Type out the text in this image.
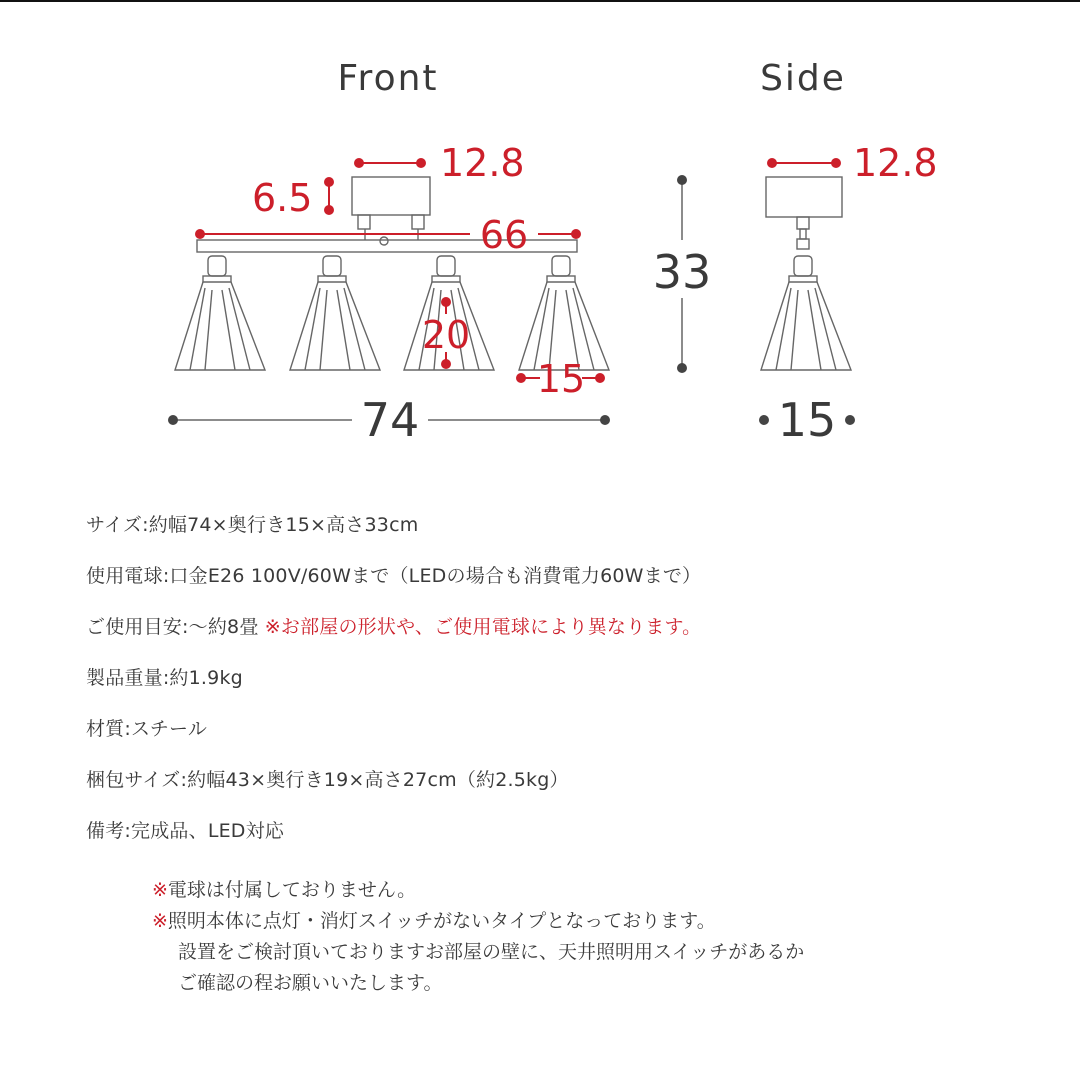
Front	Side
12.8
6.5
66
20
15
74
33
12.8
15
サイズ:約幅74×奥行き15×高さ33cm
使用電球:口金E26 100V/60Wまで（LEDの場合も消費電力60Wまで）
ご使用目安:〜約8畳 ※お部屋の形状や、ご使用電球により異なります。
製品重量:約1.9kg
材質:スチール
梱包サイズ:約幅43×奥行き19×高さ27cm（約2.5kg）
備考:完成品、LED対応
※電球は付属しておりません。
※照明本体に点灯・消灯スイッチがないタイプとなっております。
設置をご検討頂いておりますお部屋の壁に、天井照明用スイッチがあるか
ご確認の程お願いいたします。
